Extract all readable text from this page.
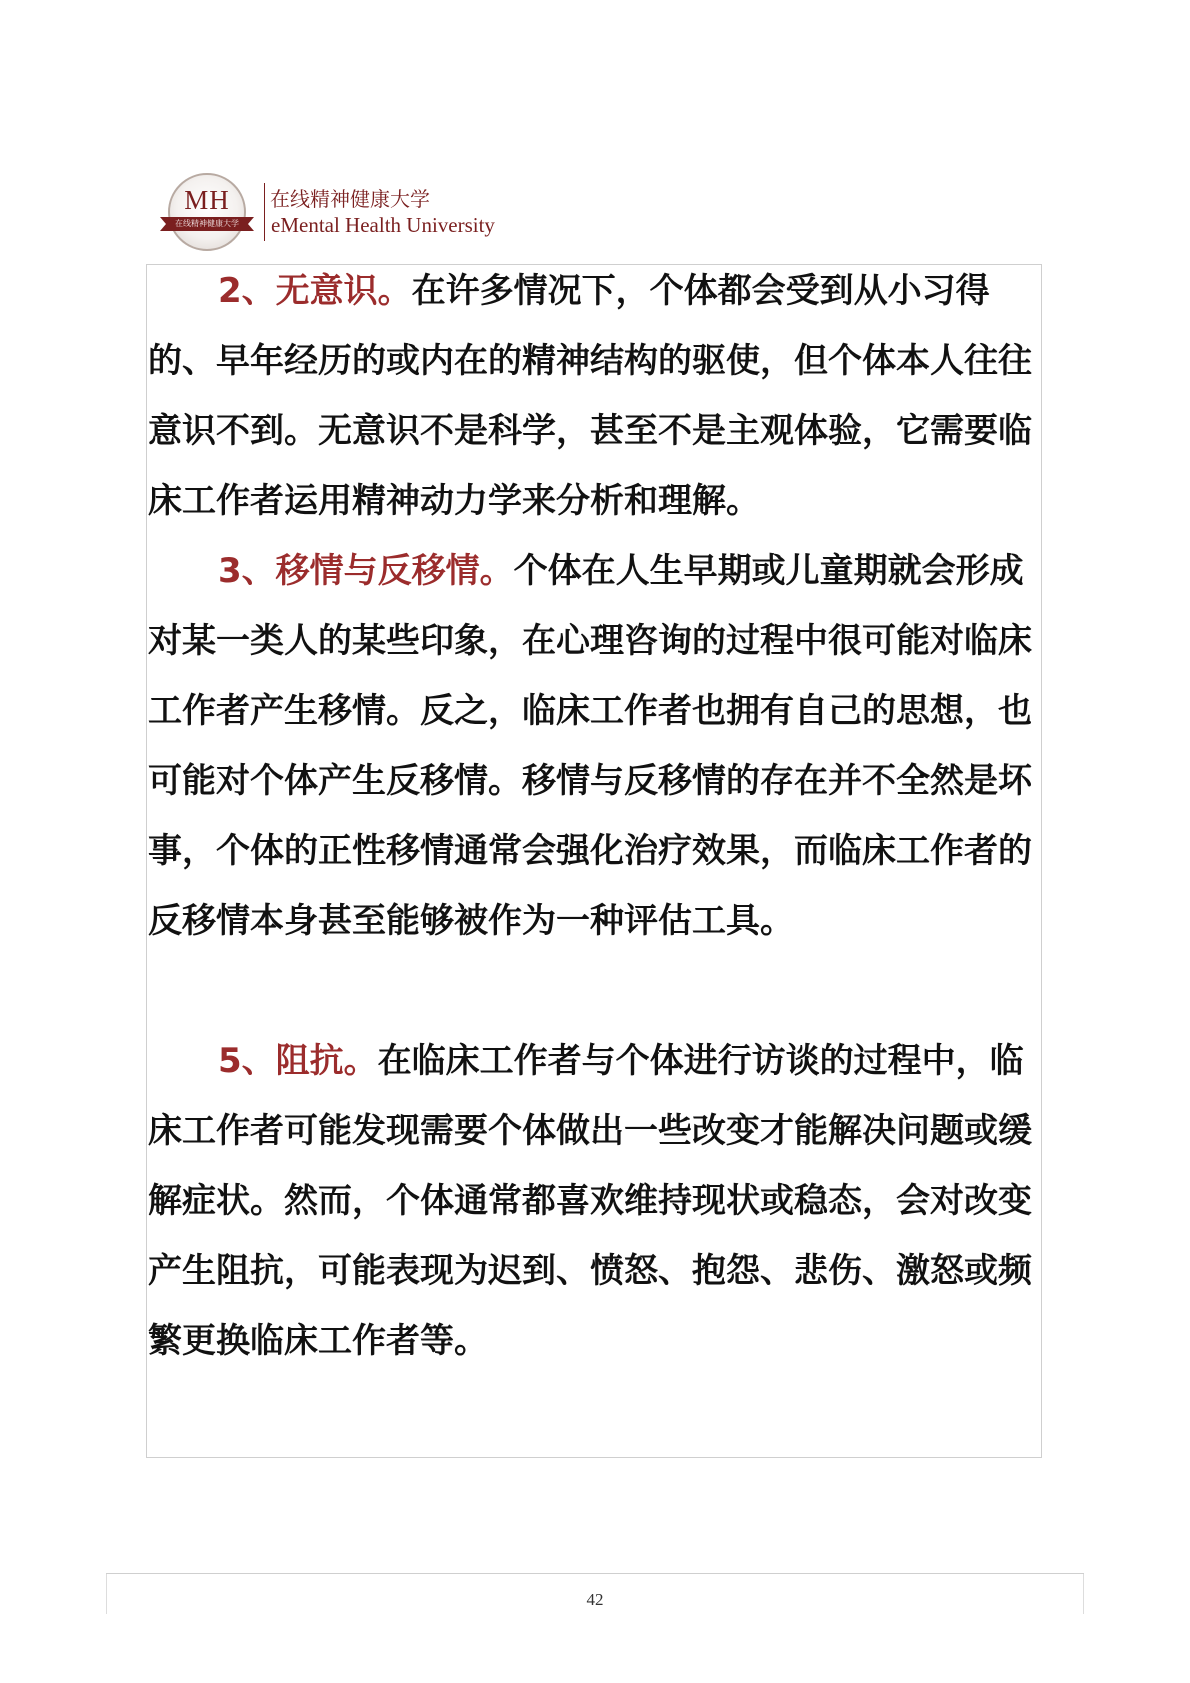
MH
在线精神健康大学
在线精神健康大学
eMental Health University

2、无意识。在许多情况下，个体都会受到从小习得的、早年经历的或内在的精神结构的驱使，但个体本人往往意识不到。无意识不是科学，甚至不是主观体验，它需要临床工作者运用精神动力学来分析和理解。

3、移情与反移情。个体在人生早期或儿童期就会形成对某一类人的某些印象，在心理咨询的过程中很可能对临床工作者产生移情。反之，临床工作者也拥有自己的思想，也可能对个体产生反移情。移情与反移情的存在并不全然是坏事，个体的正性移情通常会强化治疗效果，而临床工作者的反移情本身甚至能够被作为一种评估工具。

5、阻抗。在临床工作者与个体进行访谈的过程中，临床工作者可能发现需要个体做出一些改变才能解决问题或缓解症状。然而，个体通常都喜欢维持现状或稳态，会对改变产生阻抗，可能表现为迟到、愤怒、抱怨、悲伤、激怒或频繁更换临床工作者等。

42
